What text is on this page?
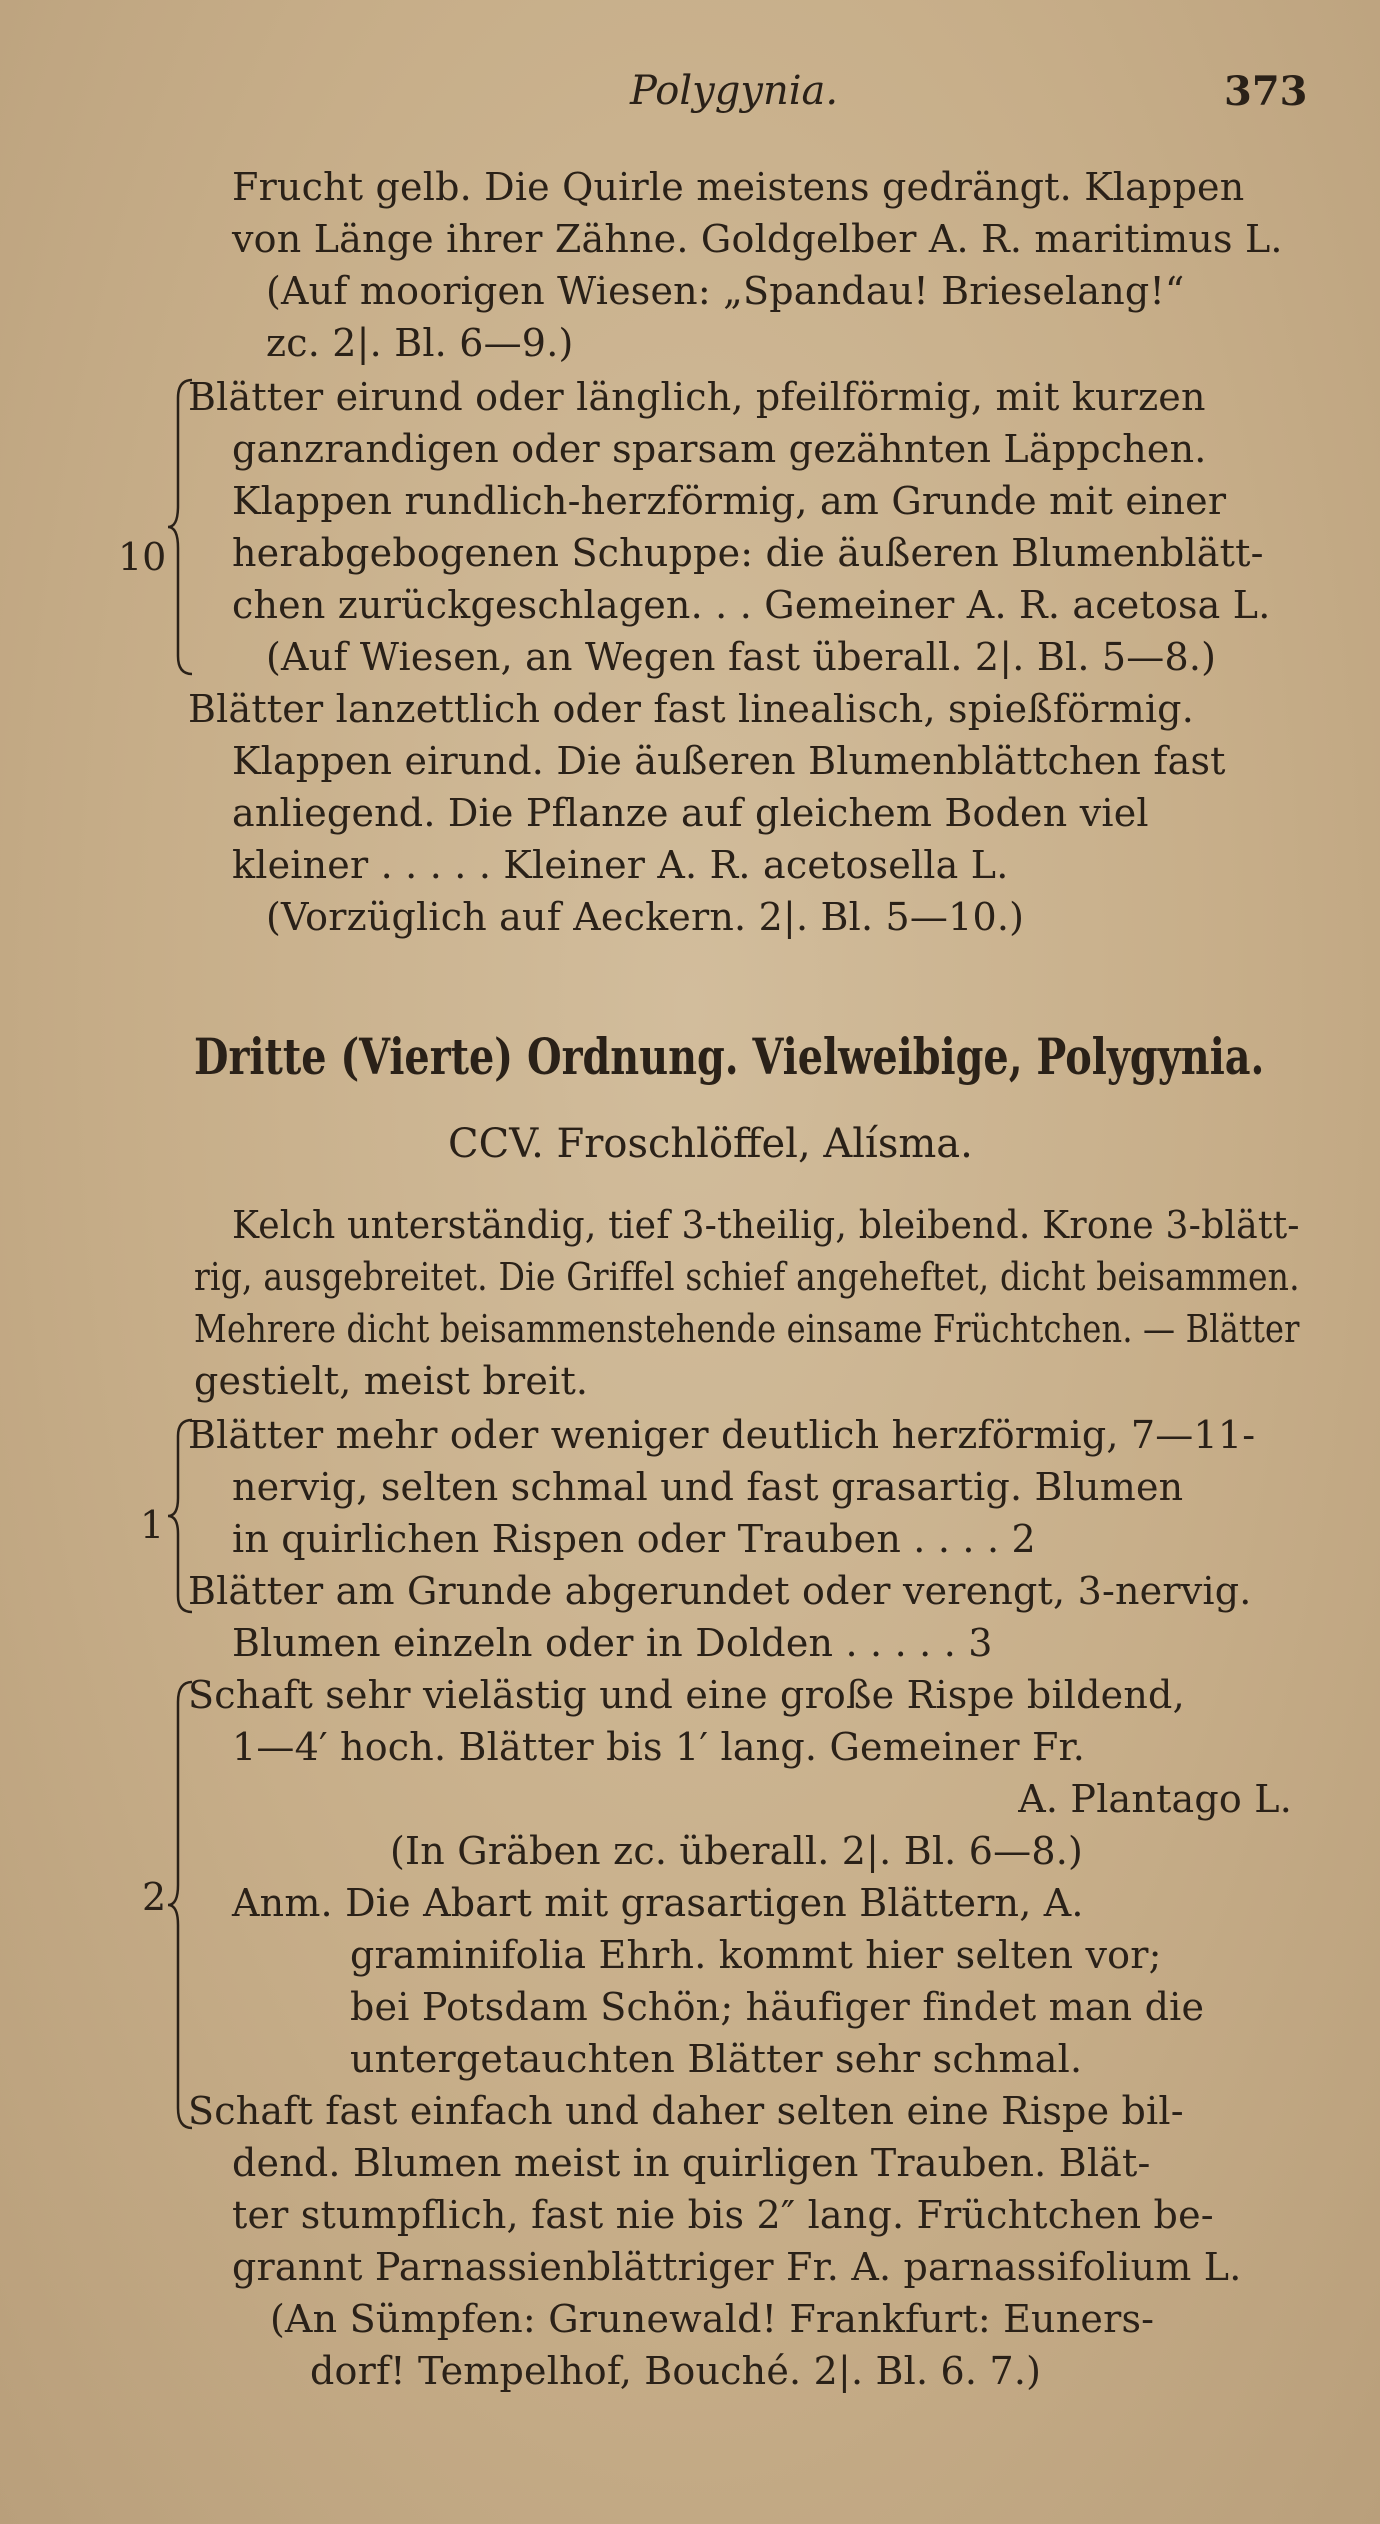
Polygynia.	373
Frucht gelb. Die Quirle meistens gedrängt. Klappen
von Länge ihrer Zähne. Goldgelber A. R. maritimus L.
(Auf moorigen Wiesen: „Spandau! Brieselang!“
zc. 2⁠|. Bl. 6—9.)
10
Blätter eirund oder länglich, pfeilförmig, mit kurzen
ganzrandigen oder sparsam gezähnten Läppchen.
Klappen rundlich-herzförmig, am Grunde mit einer
herabgebogenen Schuppe: die äußeren Blumenblätt-
chen zurückgeschlagen. . . Gemeiner A. R. acetosa L.
(Auf Wiesen, an Wegen fast überall. 2⁠|. Bl. 5—8.)
Blätter lanzettlich oder fast linealisch, spießförmig.
Klappen eirund. Die äußeren Blumenblättchen fast
anliegend. Die Pflanze auf gleichem Boden viel
kleiner . . . . . Kleiner A. R. acetosella L.
(Vorzüglich auf Aeckern. 2⁠|. Bl. 5—10.)
Dritte (Vierte) Ordnung. Vielweibige, Polygynia.
CCV. Froschlöffel, Alísma.
Kelch unterständig, tief 3-theilig, bleibend. Krone 3-blätt-
rig, ausgebreitet. Die Griffel schief angeheftet, dicht beisammen.
Mehrere dicht beisammenstehende einsame Früchtchen. — Blätter
gestielt, meist breit.
1
Blätter mehr oder weniger deutlich herzförmig, 7—11-
nervig, selten schmal und fast grasartig. Blumen
in quirlichen Rispen oder Trauben . . . . 2
Blätter am Grunde abgerundet oder verengt, 3-nervig.
Blumen einzeln oder in Dolden . . . . . 3
2
Schaft sehr vielästig und eine große Rispe bildend,
1—4′ hoch. Blätter bis 1′ lang. Gemeiner Fr.
A. Plantago L.
(In Gräben zc. überall. 2⁠|. Bl. 6—8.)
Anm. Die Abart mit grasartigen Blättern, A.
graminifolia Ehrh. kommt hier selten vor;
bei Potsdam Schön; häufiger findet man die
untergetauchten Blätter sehr schmal.
Schaft fast einfach und daher selten eine Rispe bil-
dend. Blumen meist in quirligen Trauben. Blät-
ter stumpflich, fast nie bis 2″ lang. Früchtchen be-
grannt Parnassienblättriger Fr. A. parnassifolium L.
(An Sümpfen: Grunewald! Frankfurt: Euners-
dorf! Tempelhof, Bouché. 2⁠|. Bl. 6. 7.)
